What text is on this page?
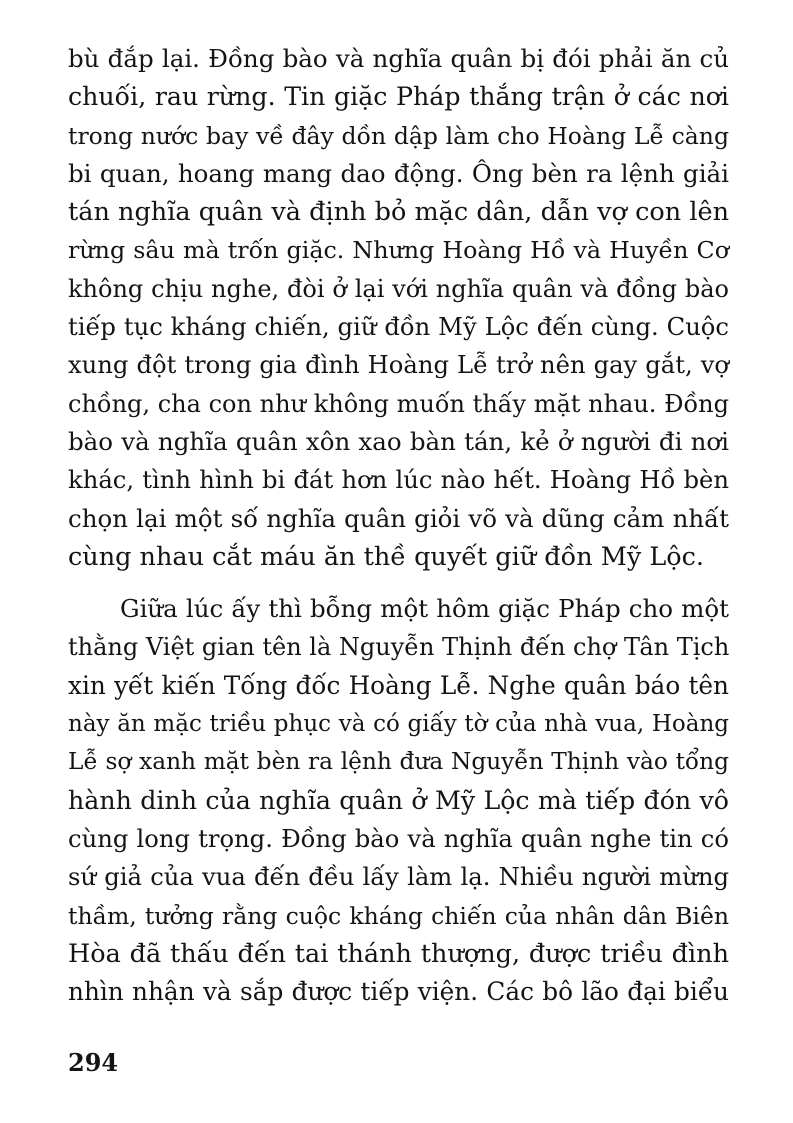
bù đắp lại. Đồng bào và nghĩa quân bị đói phải ăn củ
chuối, rau rừng. Tin giặc Pháp thắng trận ở các nơi
trong nước bay về đây dồn dập làm cho Hoàng Lễ càng
bi quan, hoang mang dao động. Ông bèn ra lệnh giải
tán nghĩa quân và định bỏ mặc dân, dẫn vợ con lên
rừng sâu mà trốn giặc. Nhưng Hoàng Hồ và Huyền Cơ
không chịu nghe, đòi ở lại với nghĩa quân và đồng bào
tiếp tục kháng chiến, giữ đồn Mỹ Lộc đến cùng. Cuộc
xung đột trong gia đình Hoàng Lễ trở nên gay gắt, vợ
chồng, cha con như không muốn thấy mặt nhau. Đồng
bào và nghĩa quân xôn xao bàn tán, kẻ ở người đi nơi
khác, tình hình bi đát hơn lúc nào hết. Hoàng Hồ bèn
chọn lại một số nghĩa quân giỏi võ và dũng cảm nhất
cùng nhau cắt máu ăn thề quyết giữ đồn Mỹ Lộc.
Giữa lúc ấy thì bỗng một hôm giặc Pháp cho một
thằng Việt gian tên là Nguyễn Thịnh đến chợ Tân Tịch
xin yết kiến Tống đốc Hoàng Lễ. Nghe quân báo tên
này ăn mặc triều phục và có giấy tờ của nhà vua, Hoàng
Lễ sợ xanh mặt bèn ra lệnh đưa Nguyễn Thịnh vào tổng
hành dinh của nghĩa quân ở Mỹ Lộc mà tiếp đón vô
cùng long trọng. Đồng bào và nghĩa quân nghe tin có
sứ giả của vua đến đều lấy làm lạ. Nhiều người mừng
thầm, tưởng rằng cuộc kháng chiến của nhân dân Biên
Hòa đã thấu đến tai thánh thượng, được triều đình
nhìn nhận và sắp được tiếp viện. Các bô lão đại biểu
294
